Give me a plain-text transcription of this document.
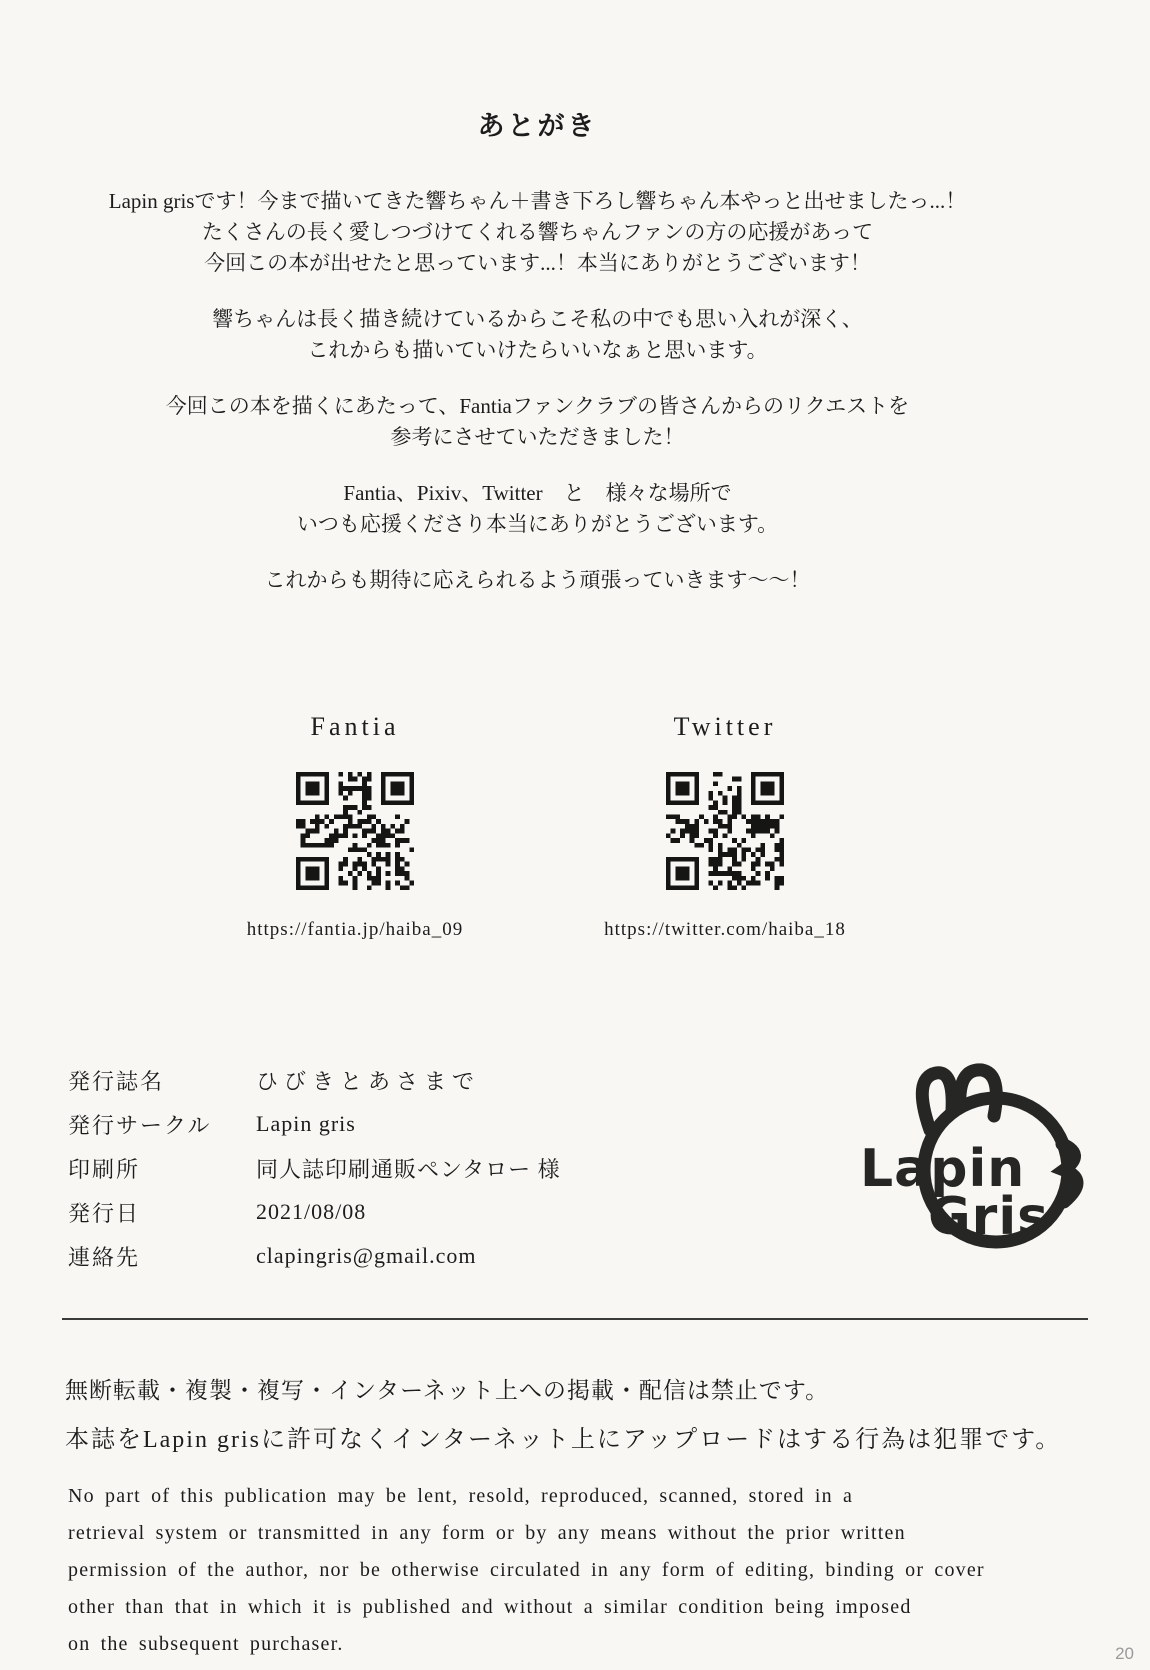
あとがき
Lapin grisです！今まで描いてきた響ちゃん＋書き下ろし響ちゃん本やっと出せましたっ...！
たくさんの長く愛しつづけてくれる響ちゃんファンの方の応援があって
今回この本が出せたと思っています...！本当にありがとうございます！
響ちゃんは長く描き続けているからこそ私の中でも思い入れが深く、
これからも描いていけたらいいなぁと思います。
今回この本を描くにあたって、Fantiaファンクラブの皆さんからのリクエストを
参考にさせていただきました！
Fantia、Pixiv、Twitter　と　様々な場所で
いつも応援くださり本当にありがとうございます。
これからも期待に応えられるよう頑張っていきます〜〜！
Fantia
https://fantia.jp/haiba_09
Twitter
https://twitter.com/haiba_18
発行誌名	ひびきとあさまで
発行サークル	Lapin gris
印刷所	同人誌印刷通販ペンタロー 様
発行日	2021/08/08
連絡先	clapingris@gmail.com
Lapin
Gris
無断転載・複製・複写・インターネット上への掲載・配信は禁止です。
本誌をLapin grisに許可なくインターネット上にアップロードはする行為は犯罪です。
No part of this publication may be lent, resold, reproduced, scanned, stored in a
retrieval system or transmitted in any form or by any means without the prior written
permission of the author, nor be otherwise circulated in any form of editing, binding or cover
other than that in which it is published and without a similar condition being imposed
on the subsequent purchaser.	20
